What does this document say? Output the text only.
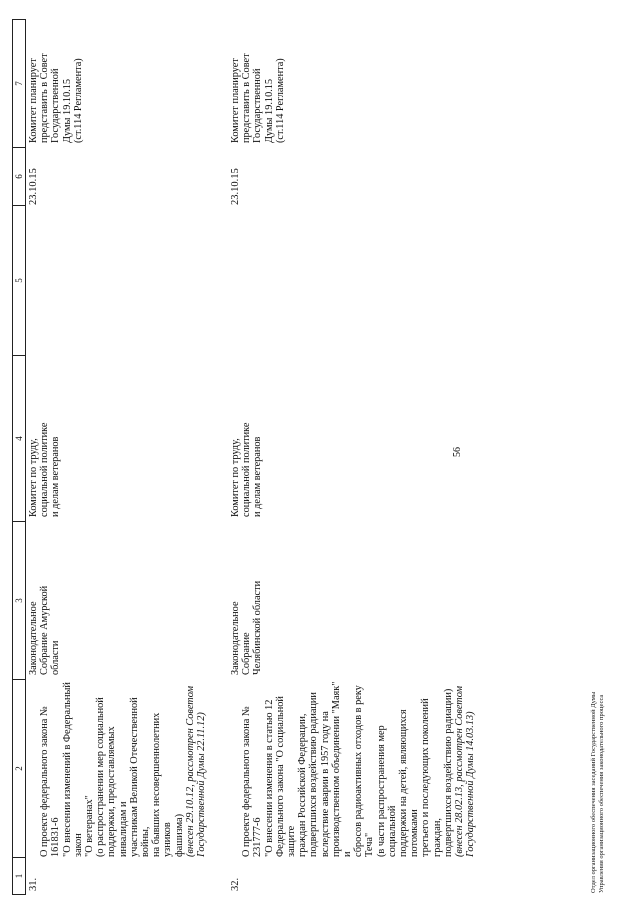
1
2
3
4
5
6
7
31.

О проекте федерального закона № 161831-6
"О внесении изменений в Федеральный закон
"О ветеранах"
(о распространении мер социальной
поддержки, предоставляемых инвалидам и
участникам Великой Отечественной войны,
на бывших несовершеннолетних узников
фашизма)
(внесен 29.10.12, рассмотрен Советом
Государственной Думы 22.11.12)

Законодательное
Собрание Амурской
области
Комитет по труду,
социальной политике
и делам ветеранов
23.10.15
Комитет планирует
представить в Совет
Государственной
Думы 19.10.15
(ст.114 Регламента)
32.

О проекте федерального закона № 231777-6
"О внесении изменения в статью 12
Федерального закона "О социальной защите
граждан Российской Федерации,
подвергшихся воздействию радиации
вследствие аварии в 1957 году на
производственном объединении "Маяк" и
сбросов радиоактивных отходов в реку Теча"
(в части распространения мер социальной
поддержки на детей, являющихся потомками
третьего и последующих поколений граждан,
подвергшихся воздействию радиации)
(внесен 28.02.13, рассмотрен Советом
Государственной Думы 14.03.13)

Законодательное
Собрание
Челябинской области
Комитет по труду,
социальной политике
и делам ветеранов
23.10.15
Комитет планирует
представить в Совет
Государственной
Думы 19.10.15
(ст.114 Регламента)
56
Отдел организационного обеспечения заседаний Государственной Думы Управления организационного обеспечения законодательного процесса
